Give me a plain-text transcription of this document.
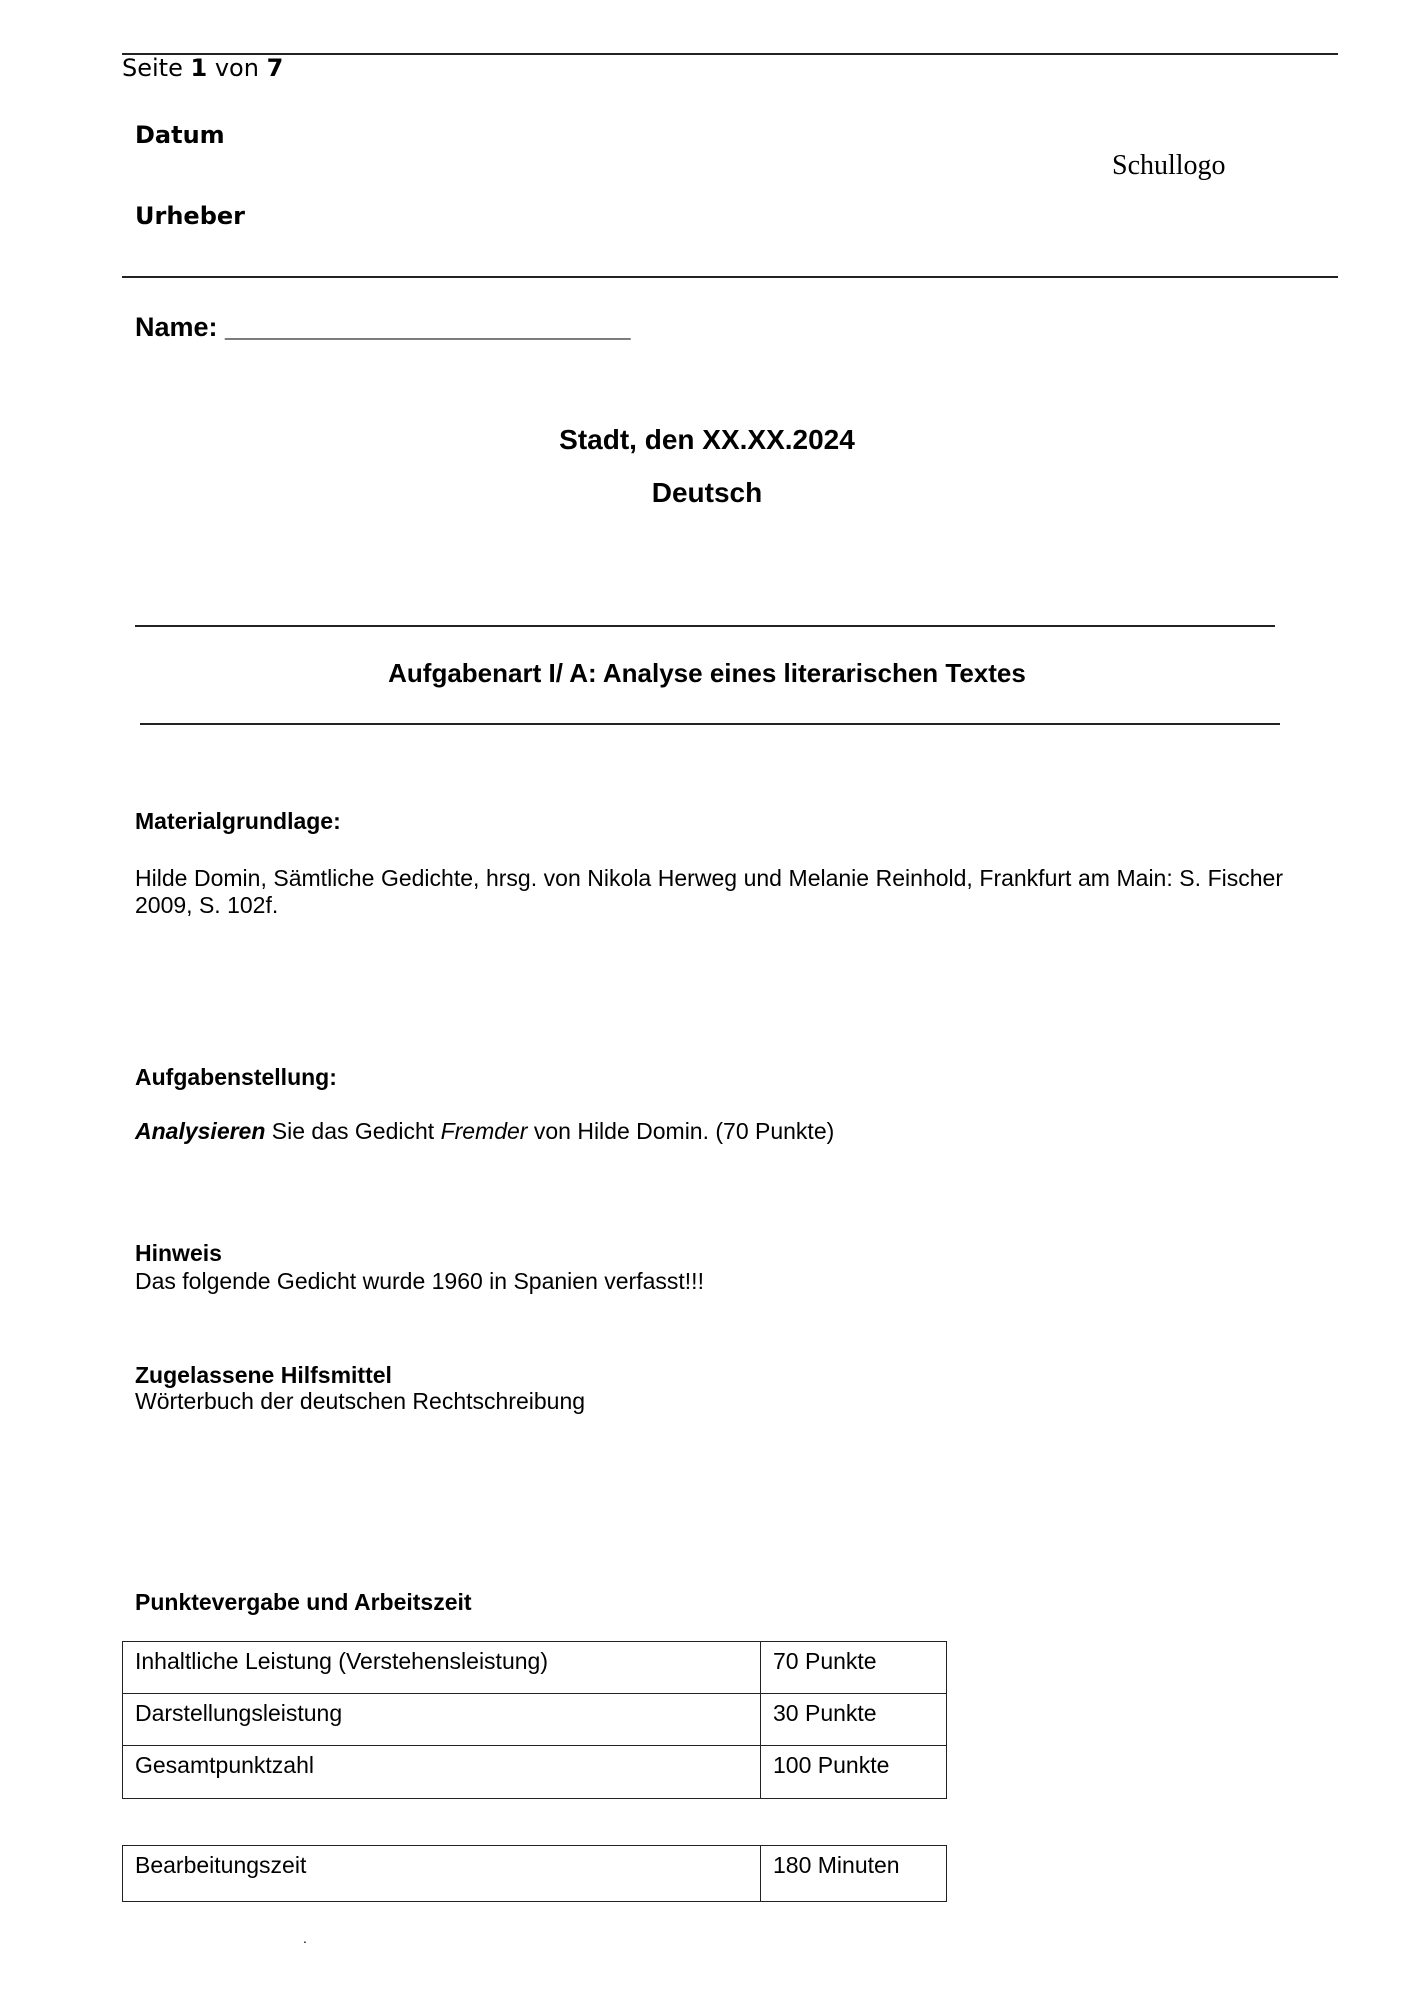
Seite 1 von 7
Datum
Urheber
Schullogo
Name: ___________________________
Stadt, den XX.XX.2024
Deutsch
Aufgabenart I/ A: Analyse eines literarischen Textes
Materialgrundlage:
Hilde Domin, Sämtliche Gedichte, hrsg. von Nikola Herweg und Melanie Reinhold, Frankfurt am Main: S. Fischer 2009, S. 102f.
Aufgabenstellung:
Analysieren Sie das Gedicht Fremder von Hilde Domin. (70 Punkte)
Hinweis
Das folgende Gedicht wurde 1960 in Spanien verfasst!!!
Zugelassene Hilfsmittel
Wörterbuch der deutschen Rechtschreibung
Punktevergabe und Arbeitszeit
Inhaltliche Leistung (Verstehensleistung)	70 Punkte
Darstellungsleistung	30 Punkte
Gesamtpunktzahl	100 Punkte
Bearbeitungszeit	180 Minuten
.
